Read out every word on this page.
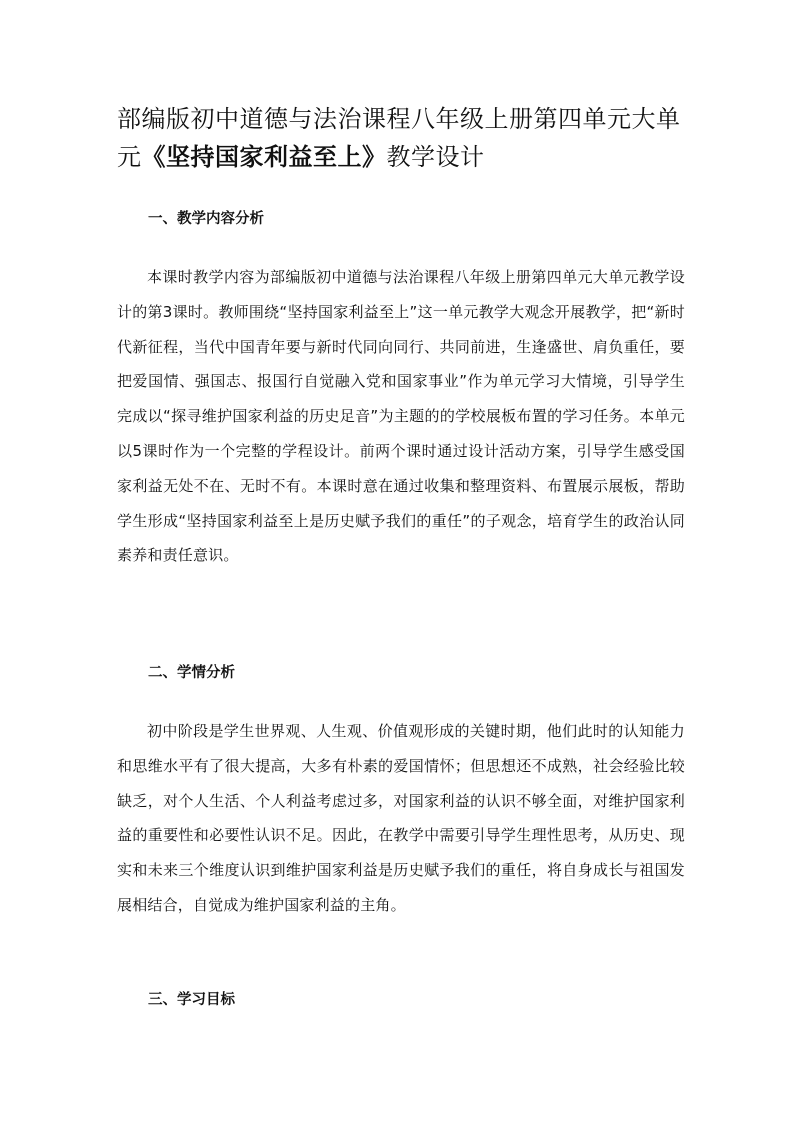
部编版初中道德与法治课程八年级上册第四单元大单元《坚持国家利益至上》教学设计
一、教学内容分析

本课时教学内容为部编版初中道德与法治课程八年级上册第四单元大单元教学设计的第3课时。教师围绕“坚持国家利益至上”这一单元教学大观念开展教学，把“新时代新征程，当代中国青年要与新时代同向同行、共同前进，生逢盛世、肩负重任，要把爱国情、强国志、报国行自觉融入党和国家事业”作为单元学习大情境，引导学生完成以“探寻维护国家利益的历史足音”为主题的的学校展板布置的学习任务。本单元以5课时作为一个完整的学程设计。前两个课时通过设计活动方案，引导学生感受国家利益无处不在、无时不有。本课时意在通过收集和整理资料、布置展示展板，帮助学生形成“坚持国家利益至上是历史赋予我们的重任”的子观念，培育学生的政治认同素养和责任意识。

二、学情分析

初中阶段是学生世界观、人生观、价值观形成的关键时期，他们此时的认知能力和思维水平有了很大提高，大多有朴素的爱国情怀；但思想还不成熟，社会经验比较缺乏，对个人生活、个人利益考虑过多，对国家利益的认识不够全面，对维护国家利益的重要性和必要性认识不足。因此，在教学中需要引导学生理性思考，从历史、现实和未来三个维度认识到维护国家利益是历史赋予我们的重任，将自身成长与祖国发展相结合，自觉成为维护国家利益的主角。

三、学习目标
